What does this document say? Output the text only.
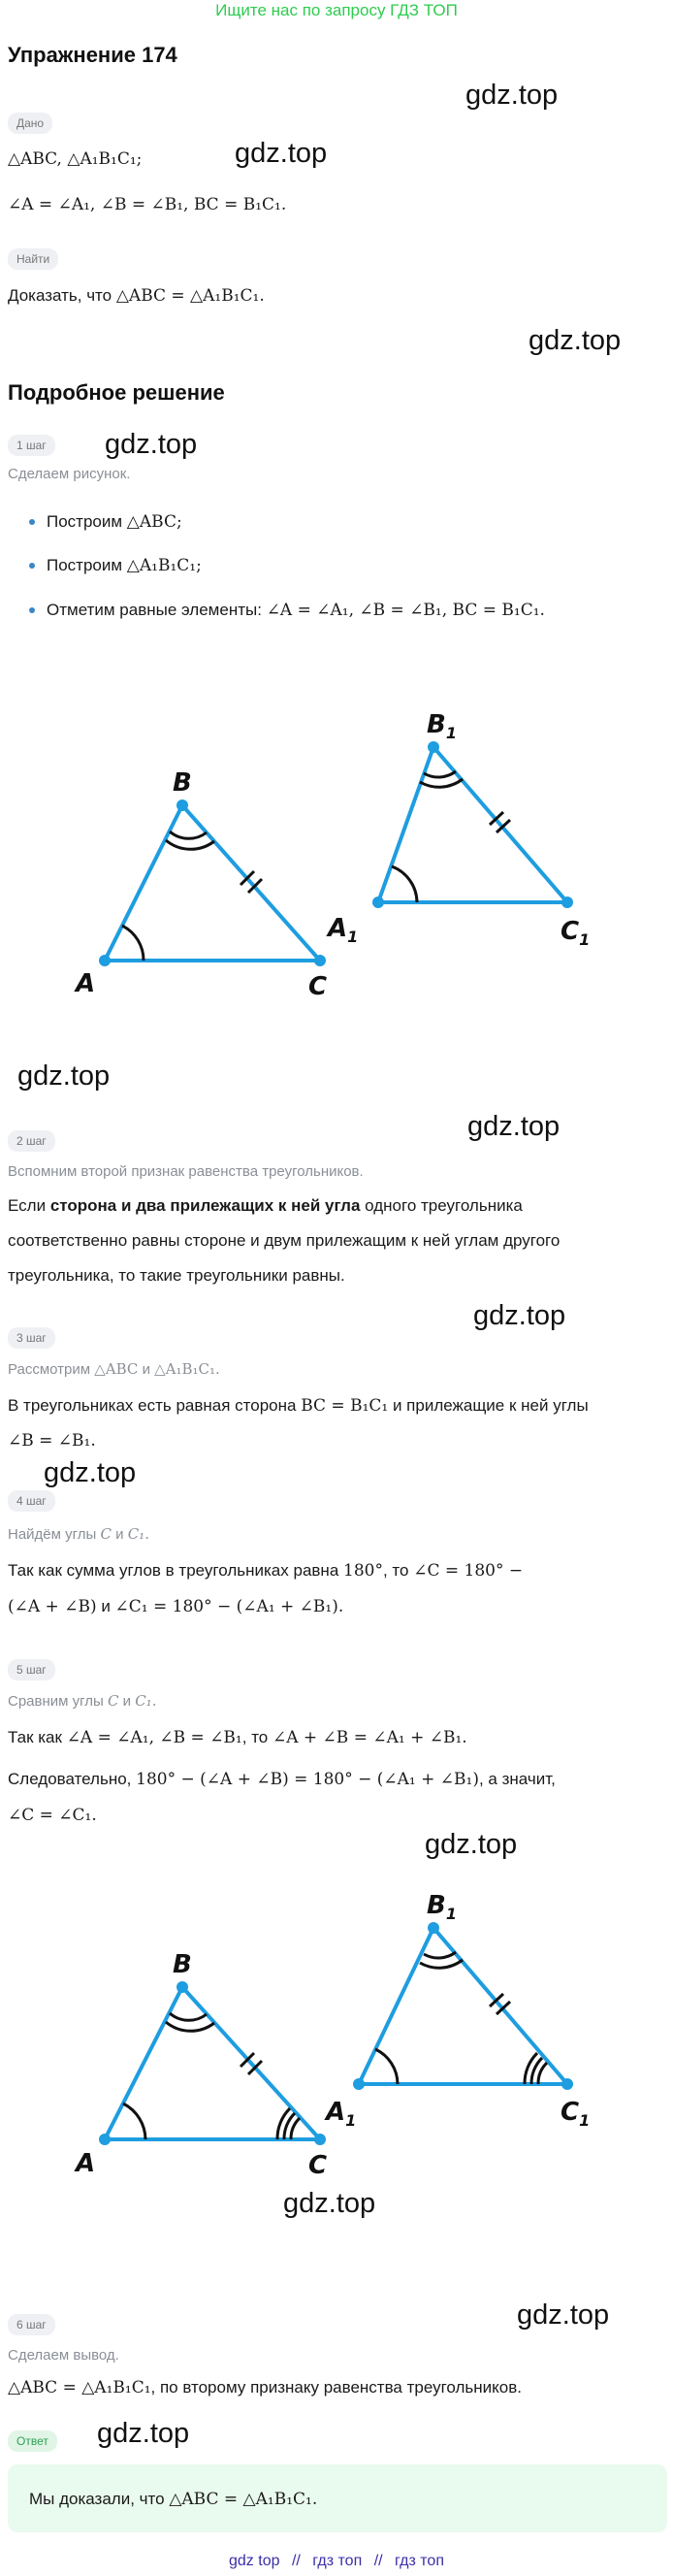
Ищите нас по запросу ГДЗ ТОП
Упражнение 174
gdz.top
gdz.top
gdz.top
gdz.top
gdz.top
gdz.top
gdz.top
gdz.top
gdz.top
gdz.top
gdz.top
gdz.top
Дано
△ABC, △A₁B₁C₁;
∠A = ∠A₁, ∠B = ∠B₁, BC = B₁C₁.
Найти
Доказать, что △ABC = △A₁B₁C₁.
Подробное решение
1 шаг
Сделаем рисунок.
Построим △ABC;
Построим △A₁B₁C₁;
Отметим равные элементы: ∠A = ∠A₁, ∠B = ∠B₁, BC = B₁C₁.
A
B
C
$A_1$
$B_1$
$C_1$
2 шаг
Вспомним второй признак равенства треугольников.
Если сторона и два прилежащих к ней угла одного треугольника
соответственно равны стороне и двум прилежащим к ней углам другого
треугольника, то такие треугольники равны.
3 шаг
Рассмотрим △ABC и △A₁B₁C₁.
В треугольниках есть равная сторона BC = B₁C₁ и прилежащие к ней углы
∠B = ∠B₁.
4 шаг
Найдём углы C и C₁.
Так как сумма углов в треугольниках равна 180°, то ∠C = 180° −
(∠A + ∠B) и ∠C₁ = 180° − (∠A₁ + ∠B₁).
5 шаг
Сравним углы C и C₁.
Так как ∠A = ∠A₁, ∠B = ∠B₁, то ∠A + ∠B = ∠A₁ + ∠B₁.
Следовательно, 180° − (∠A + ∠B) = 180° − (∠A₁ + ∠B₁), а значит,
∠C = ∠C₁.
A
B
C
$A_1$
$B_1$
$C_1$
6 шаг
Сделаем вывод.
△ABC = △A₁B₁C₁, по второму признаку равенства треугольников.
Ответ
Мы доказали, что △ABC = △A₁B₁C₁.
gdz top // гдз топ // гдз топ
